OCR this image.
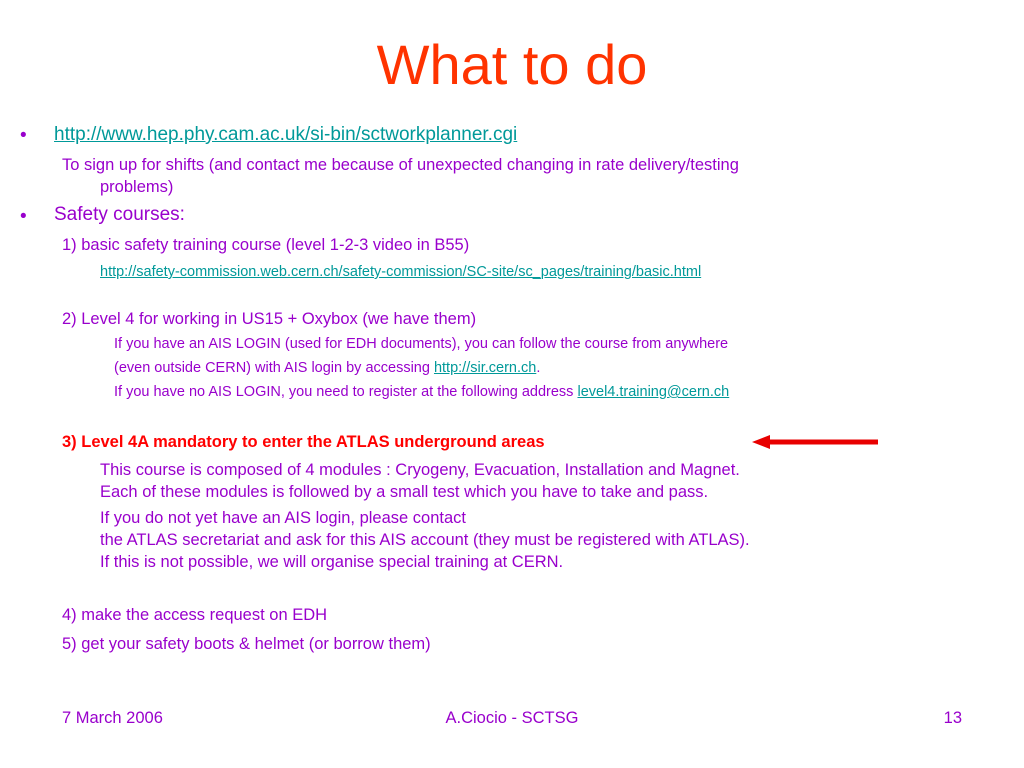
What to do
• http://www.hep.phy.cam.ac.uk/si-bin/sctworkplanner.cgi
To sign up for shifts (and contact me because of unexpected changing in rate delivery/testing
problems)
• Safety courses:
1) basic safety training course (level 1-2-3 video in B55)
http://safety-commission.web.cern.ch/safety-commission/SC-site/sc_pages/training/basic.html
2) Level 4 for working in US15 + Oxybox (we have them)
If you have an AIS LOGIN (used for EDH documents), you can follow the course from anywhere
(even outside CERN) with AIS login by accessing http://sir.cern.ch.
If you have no AIS LOGIN, you need to register at the following address level4.training@cern.ch
3) Level 4A mandatory to enter the ATLAS underground areas
This course is composed of 4 modules : Cryogeny, Evacuation, Installation and Magnet.
Each of these modules is followed by a small test which you have to take and pass.
If you do not yet have an AIS login, please contact
the ATLAS secretariat and ask for this AIS account (they must be registered with ATLAS).
If this is not possible, we will organise special training at CERN.
4) make the access request on EDH
5) get your safety boots & helmet (or borrow them)
7 March 2006	A.Ciocio - SCTSG	13
